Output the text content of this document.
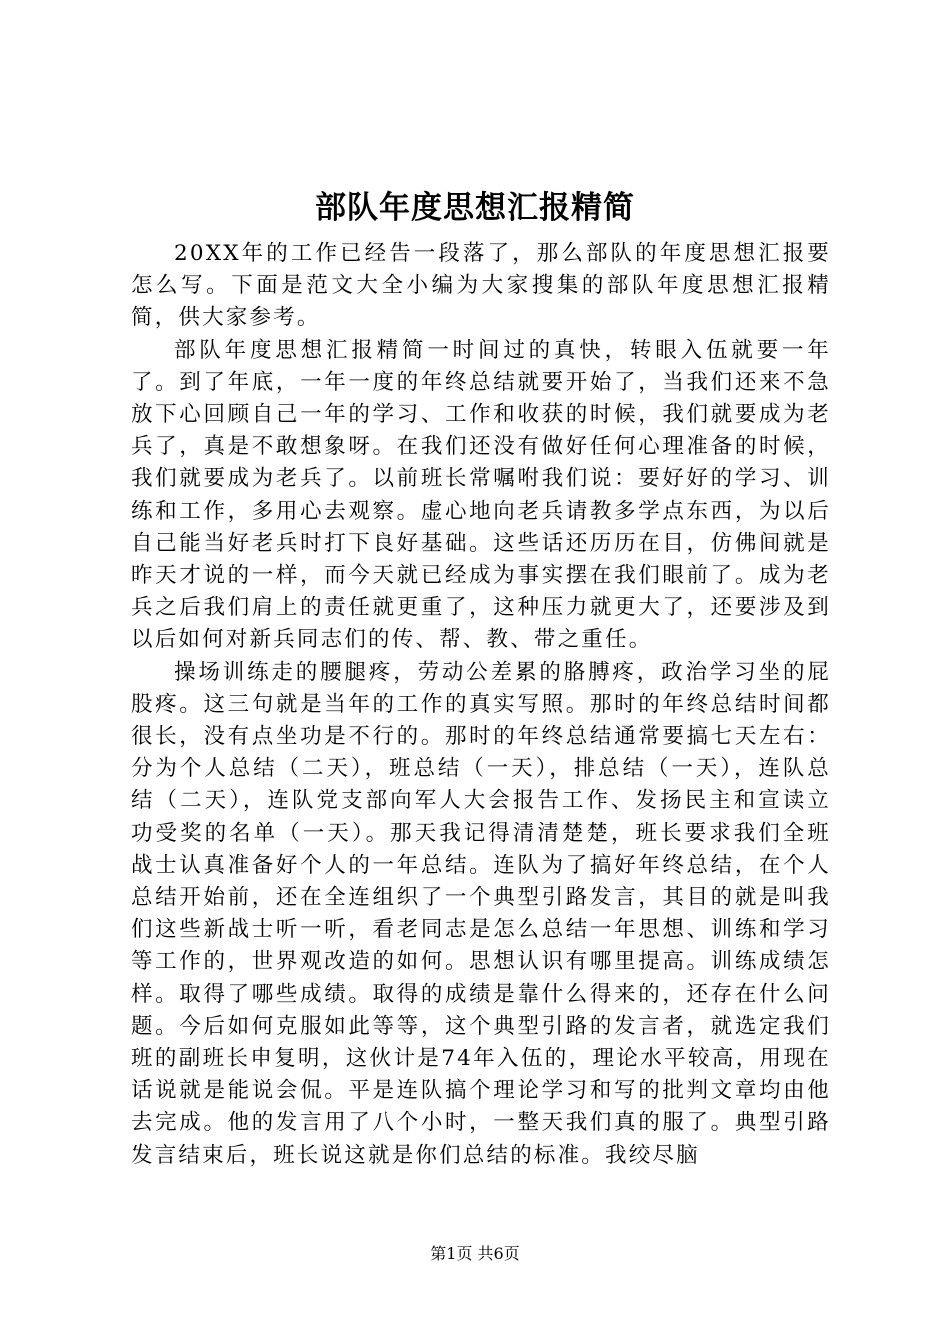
部队年度思想汇报精简

20XX年的工作已经告一段落了，那么部队的年度思想汇报要怎么写。下面是范文大全小编为大家搜集的部队年度思想汇报精简，供大家参考。

部队年度思想汇报精简一时间过的真快，转眼入伍就要一年了。到了年底，一年一度的年终总结就要开始了，当我们还来不急放下心回顾自己一年的学习、工作和收获的时候，我们就要成为老兵了，真是不敢想象呀。在我们还没有做好任何心理准备的时候，我们就要成为老兵了。以前班长常嘱咐我们说：要好好的学习、训练和工作，多用心去观察。虚心地向老兵请教多学点东西，为以后自己能当好老兵时打下良好基础。这些话还历历在目，仿佛间就是昨天才说的一样，而今天就已经成为事实摆在我们眼前了。成为老兵之后我们肩上的责任就更重了，这种压力就更大了，还要涉及到以后如何对新兵同志们的传、帮、教、带之重任。

操场训练走的腰腿疼，劳动公差累的胳膊疼，政治学习坐的屁股疼。这三句就是当年的工作的真实写照。那时的年终总结时间都很长，没有点坐功是不行的。那时的年终总结通常要搞七天左右：分为个人总结（二天），班总结（一天），排总结（一天），连队总结（二天），连队党支部向军人大会报告工作、发扬民主和宣读立功受奖的名单（一天）。那天我记得清清楚楚，班长要求我们全班战士认真准备好个人的一年总结。连队为了搞好年终总结，在个人总结开始前，还在全连组织了一个典型引路发言，其目的就是叫我们这些新战士听一听，看老同志是怎么总结一年思想、训练和学习等工作的，世界观改造的如何。思想认识有哪里提高。训练成绩怎样。取得了哪些成绩。取得的成绩是靠什么得来的，还存在什么问题。今后如何克服如此等等，这个典型引路的发言者，就选定我们班的副班长申复明，这伙计是74年入伍的，理论水平较高，用现在话说就是能说会侃。平是连队搞个理论学习和写的批判文章均由他去完成。他的发言用了八个小时，一整天我们真的服了。典型引路发言结束后，班长说这就是你们总结的标准。我绞尽脑

第1页 共6页
